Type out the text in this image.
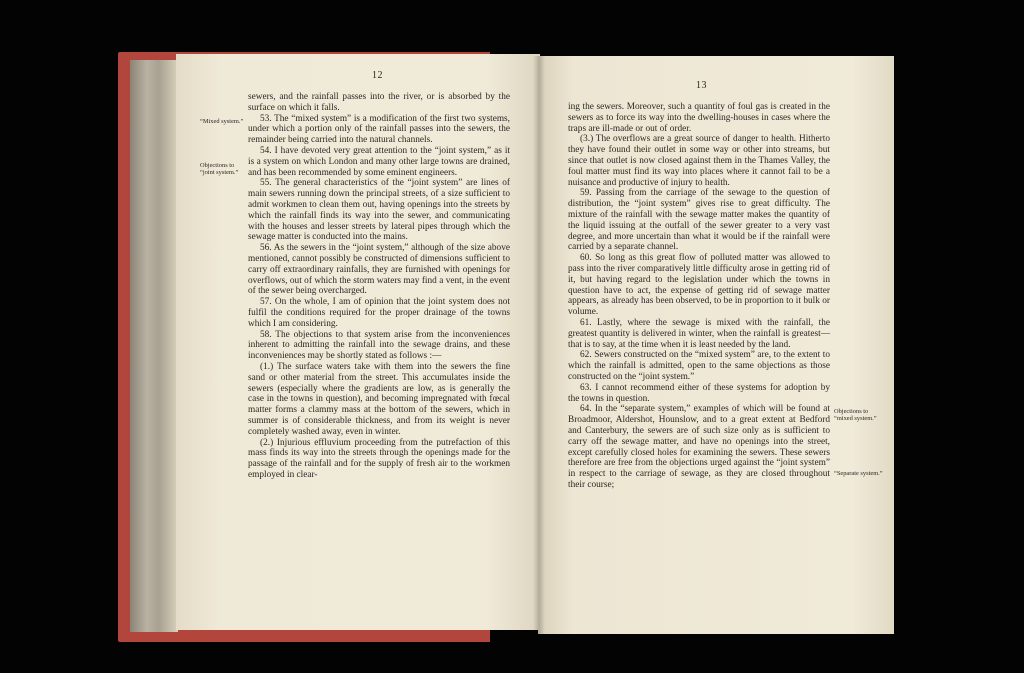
12
“Mixed system.”
Objections to “joint system.”

sewers, and the rainfall passes into the river, or is absorbed by the surface on which it falls.

53. The “mixed system” is a modification of the first two systems, under which a portion only of the rainfall passes into the sewers, the remainder being carried into the natural channels.

54. I have devoted very great attention to the “joint system,” as it is a system on which London and many other large towns are drained, and has been recommended by some eminent engineers.

55. The general characteristics of the “joint system” are lines of main sewers running down the principal streets, of a size sufficient to admit workmen to clean them out, having openings into the streets by which the rainfall finds its way into the sewer, and communicating with the houses and lesser streets by lateral pipes through which the sewage matter is conducted into the mains.

56. As the sewers in the “joint system,” although of the size above mentioned, cannot possibly be constructed of dimensions sufficient to carry off extraordinary rainfalls, they are furnished with openings for overflows, out of which the storm waters may find a vent, in the event of the sewer being overcharged.

57. On the whole, I am of opinion that the joint system does not fulfil the conditions required for the proper drainage of the towns which I am considering.

58. The objections to that system arise from the inconveniences inherent to admitting the rainfall into the sewage drains, and these inconveniences may be shortly stated as follows :—

(1.) The surface waters take with them into the sewers the fine sand or other material from the street. This accumulates inside the sewers (especially where the gradients are low, as is generally the case in the towns in question), and becoming impregnated with fœcal matter forms a clammy mass at the bottom of the sewers, which in summer is of considerable thickness, and from its weight is never completely washed away, even in winter.

(2.) Injurious effluvium proceeding from the putrefaction of this mass finds its way into the streets through the openings made for the passage of the rainfall and for the supply of fresh air to the workmen employed in clear-

13
Objections to “mixed system.”
“Separate system.”

ing the sewers. Moreover, such a quantity of foul gas is created in the sewers as to force its way into the dwelling-houses in cases where the traps are ill-made or out of order.

(3.) The overflows are a great source of danger to health. Hitherto they have found their outlet in some way or other into streams, but since that outlet is now closed against them in the Thames Valley, the foul matter must find its way into places where it cannot fail to be a nuisance and productive of injury to health.

59. Passing from the carriage of the sewage to the question of distribution, the “joint system” gives rise to great difficulty. The mixture of the rainfall with the sewage matter makes the quantity of the liquid issuing at the outfall of the sewer greater to a very vast degree, and more uncertain than what it would be if the rainfall were carried by a separate channel.

60. So long as this great flow of polluted matter was allowed to pass into the river comparatively little difficulty arose in getting rid of it, but having regard to the legislation under which the towns in question have to act, the expense of getting rid of sewage matter appears, as already has been observed, to be in proportion to it bulk or volume.

61. Lastly, where the sewage is mixed with the rainfall, the greatest quantity is delivered in winter, when the rainfall is greatest—that is to say, at the time when it is least needed by the land.

62. Sewers constructed on the “mixed system” are, to the extent to which the rainfall is admitted, open to the same objections as those constructed on the “joint system.”

63. I cannot recommend either of these systems for adoption by the towns in question.

64. In the “separate system,” examples of which will be found at Broadmoor, Aldershot, Hounslow, and to a great extent at Bedford and Canterbury, the sewers are of such size only as is sufficient to carry off the sewage matter, and have no openings into the street, except carefully closed holes for examining the sewers. These sewers therefore are free from the objections urged against the “joint system” in respect to the carriage of sewage, as they are closed throughout their course;
